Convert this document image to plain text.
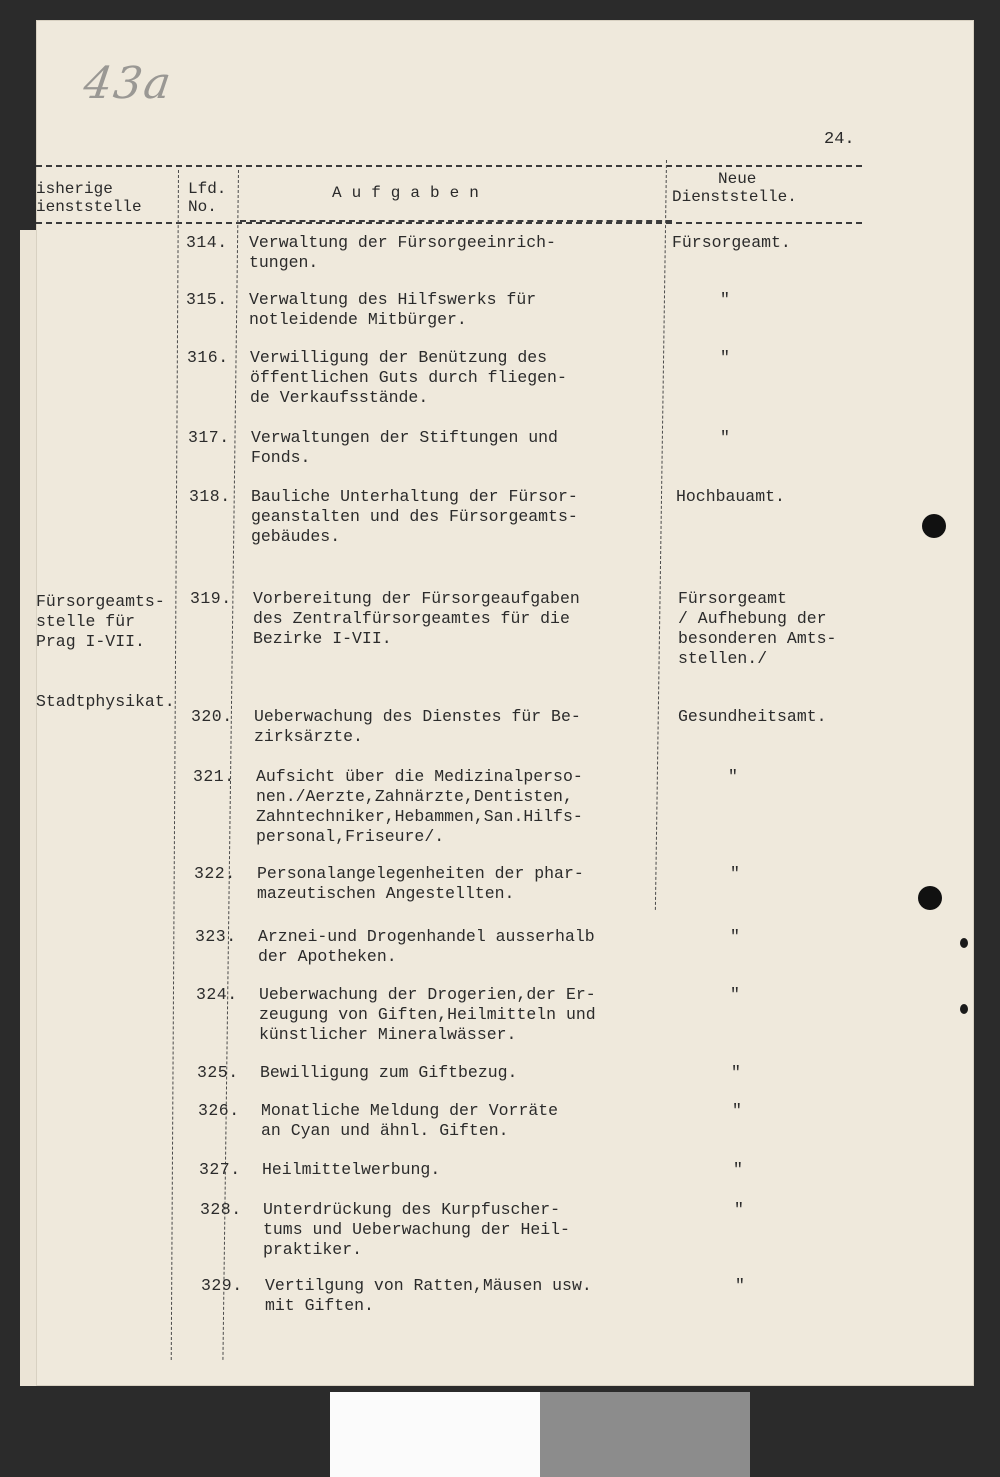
43a
24.
isherige
ienststelle
Lfd.
No.
Aufgaben
Neue
Dienststelle.
314. Verwaltung der Fürsorgeeinrich-
tungen.
Fürsorgeamt.
315. Verwaltung des Hilfswerks für
notleidende Mitbürger.
"
316. Verwilligung der Benützung des
öffentlichen Guts durch fliegen-
de Verkaufsstände.
"
317. Verwaltungen der Stiftungen und
Fonds.
"
318. Bauliche Unterhaltung der Fürsor-
geanstalten und des Fürsorgeamts-
gebäudes.
Hochbauamt.
319. Vorbereitung der Fürsorgeaufgaben
des Zentralfürsorgeamtes für die
Bezirke I-VII.
Fürsorgeamt
/ Aufhebung der
besonderen Amts-
stellen./
Fürsorgeamts-
stelle für
Prag I-VII.
320. Ueberwachung des Dienstes für Be-
zirksärzte.
Gesundheitsamt.
Stadtphysikat.
321. Aufsicht über die Medizinalperso-
nen./Aerzte,Zahnärzte,Dentisten,
Zahntechniker,Hebammen,San.Hilfs-
personal,Friseure/.
"
322. Personalangelegenheiten der phar-
mazeutischen Angestellten.
"
323. Arznei-und Drogenhandel ausserhalb
der Apotheken.
"
324. Ueberwachung der Drogerien,der Er-
zeugung von Giften,Heilmitteln und
künstlicher Mineralwässer.
"
325. Bewilligung zum Giftbezug.	"
326. Monatliche Meldung der Vorräte
an Cyan und ähnl. Giften.
"
327. Heilmittelwerbung.	"
328. Unterdrückung des Kurpfuscher-
tums und Ueberwachung der Heil-
praktiker.
"
329. Vertilgung von Ratten,Mäusen usw.
mit Giften.
"
